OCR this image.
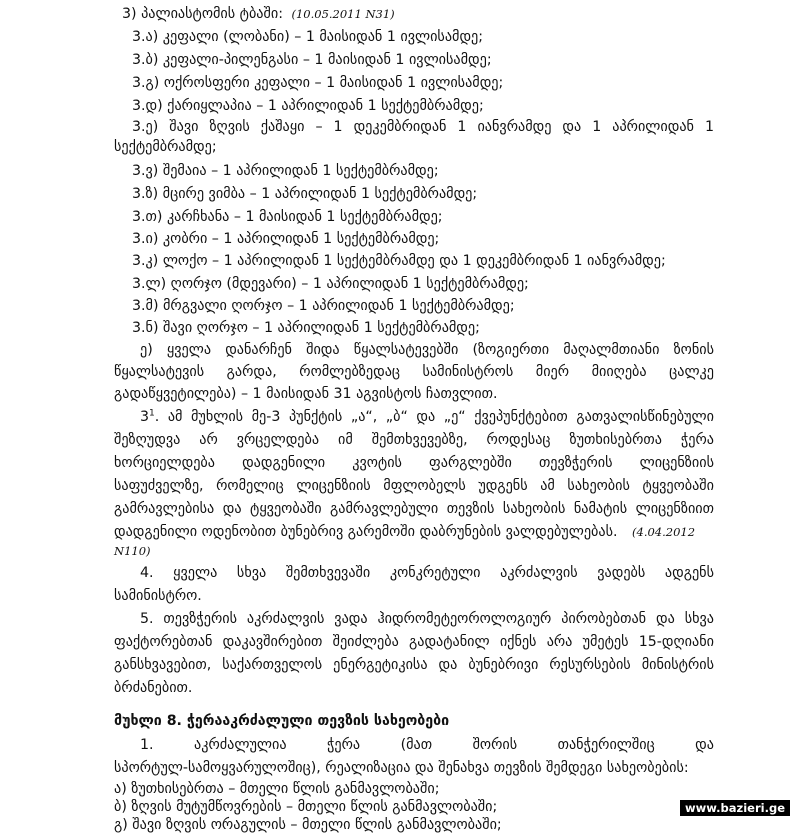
3) პალიასტომის ტბაში: (10.05.2011 N31)
3.ა) კეფალი (ლობანი) – 1 მაისიდან 1 ივლისამდე;
3.ბ) კეფალი-პილენგასი – 1 მაისიდან 1 ივლისამდე;
3.გ) ოქროსფერი კეფალი – 1 მაისიდან 1 ივლისამდე;
3.დ) ქარიყლაპია – 1 აპრილიდან 1 სექტემბრამდე;
3.ე) შავი ზღვის ქაშაყი – 1 დეკემბრიდან 1 იანვრამდე და 1 აპრილიდან 1
სექტემბრამდე;
3.ვ) შემაია – 1 აპრილიდან 1 სექტემბრამდე;
3.ზ) მცირე ვიმბა – 1 აპრილიდან 1 სექტემბრამდე;
3.თ) კარჩხანა – 1 მაისიდან 1 სექტემბრამდე;
3.ი) კობრი – 1 აპრილიდან 1 სექტემბრამდე;
3.კ) ლოქო – 1 აპრილიდან 1 სექტემბრამდე და 1 დეკემბრიდან 1 იანვრამდე;
3.ლ) ღორჯო (მდევარი) – 1 აპრილიდან 1 სექტემბრამდე;
3.მ) მრგვალი ღორჯო – 1 აპრილიდან 1 სექტემბრამდე;
3.ნ) შავი ღორჯო – 1 აპრილიდან 1 სექტემბრამდე;
ე) ყველა დანარჩენ შიდა წყალსატევებში (ზოგიერთი მაღალმთიანი ზონის
წყალსატევის გარდა, რომლებზედაც სამინისტროს მიერ მიიღება ცალკე
გადაწყვეტილება) – 1 მაისიდან 31 აგვისტოს ჩათვლით.
$3^1$. ამ მუხლის მე-3 პუნქტის „ა“, „ბ“ და „ე“ ქვეპუნქტებით გათვალისწინებული
შეზღუდვა არ ვრცელდება იმ შემთხვევებზე, როდესაც ზუთხისებრთა ჭერა
ხორციელდება დადგენილი კვოტის ფარგლებში თევზჭერის ლიცენზიის
საფუძველზე, რომელიც ლიცენზიის მფლობელს უდგენს ამ სახეობის ტყვეობაში
გამრავლებისა და ტყვეობაში გამრავლებული თევზის სახეობის ნამატის ლიცენზიით
დადგენილი ოდენობით ბუნებრივ გარემოში დაბრუნების ვალდებულებას. (4.04.2012
N110)
4. ყველა სხვა შემთხვევაში კონკრეტული აკრძალვის ვადებს ადგენს
სამინისტრო.
5. თევზჭერის აკრძალვის ვადა ჰიდრომეტეოროლოგიურ პირობებთან და სხვა
ფაქტორებთან დაკავშირებით შეიძლება გადატანილ იქნეს არა უმეტეს 15-დღიანი
განსხვავებით, საქართველოს ენერგეტიკისა და ბუნებრივი რესურსების მინისტრის
ბრძანებით.
მუხლი 8. ჭერააკრძალული თევზის სახეობები
1. აკრძალულია ჭერა (მათ შორის თანჭერილშიც და
სპორტულ-სამოყვარულოშიც), რეალიზაცია და შენახვა თევზის შემდეგი სახეობების:
ა) ზუთხისებრთა – მთელი წლის განმავლობაში;
ბ) ზღვის მუტუმწოვრების – მთელი წლის განმავლობაში;
გ) შავი ზღვის ორაგულის – მთელი წლის განმავლობაში;
www.bazieri.ge
